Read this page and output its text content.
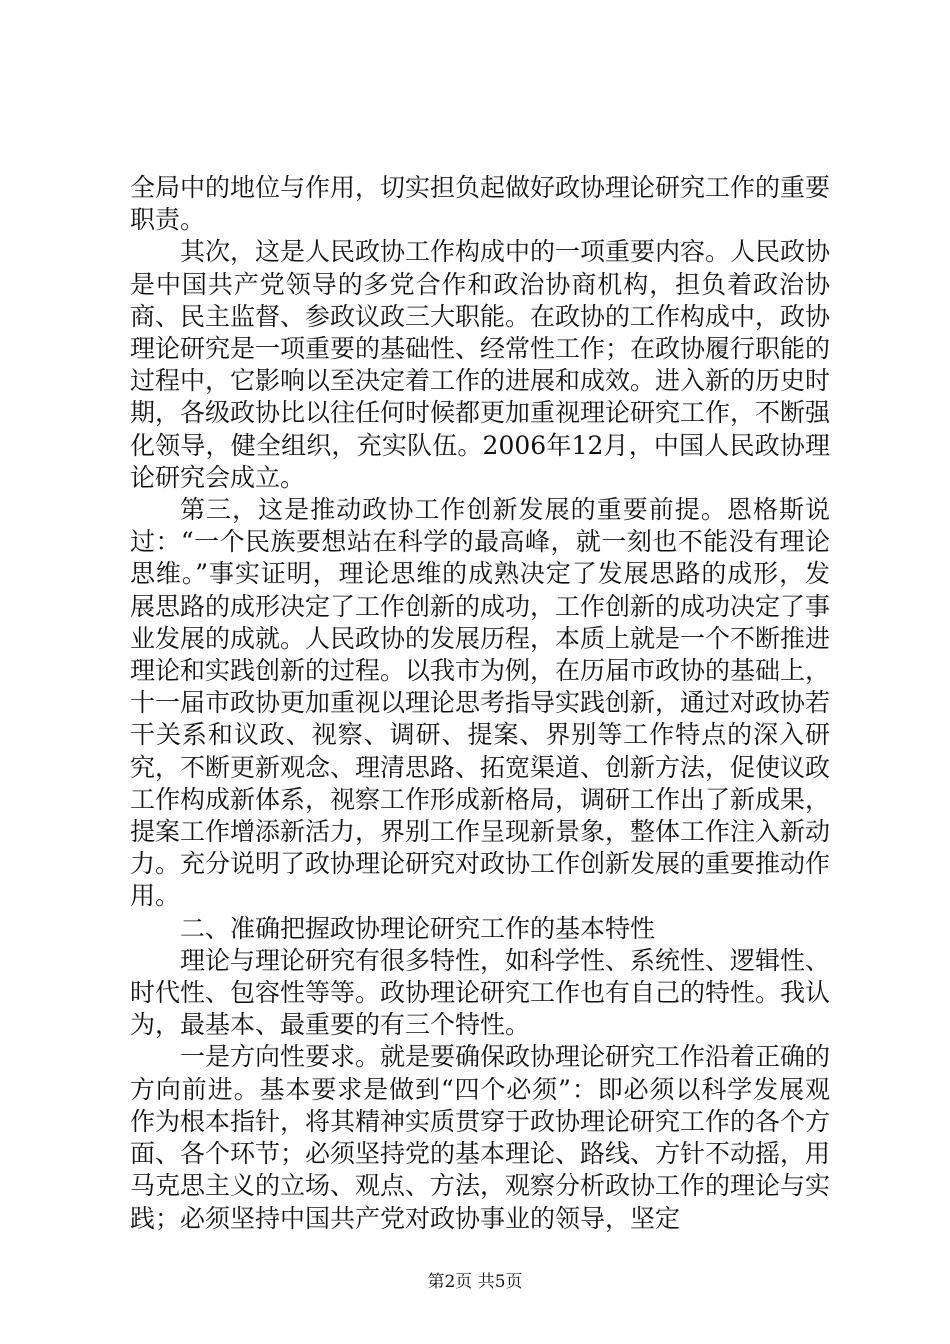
全局中的地位与作用，切实担负起做好政协理论研究工作的重要职责。

其次，这是人民政协工作构成中的一项重要内容。人民政协是中国共产党领导的多党合作和政治协商机构，担负着政治协商、民主监督、参政议政三大职能。在政协的工作构成中，政协理论研究是一项重要的基础性、经常性工作；在政协履行职能的过程中，它影响以至决定着工作的进展和成效。进入新的历史时期，各级政协比以往任何时候都更加重视理论研究工作，不断强化领导，健全组织，充实队伍。2006年12月，中国人民政协理论研究会成立。

第三，这是推动政协工作创新发展的重要前提。恩格斯说过：“一个民族要想站在科学的最高峰，就一刻也不能没有理论思维。”事实证明，理论思维的成熟决定了发展思路的成形，发展思路的成形决定了工作创新的成功，工作创新的成功决定了事业发展的成就。人民政协的发展历程，本质上就是一个不断推进理论和实践创新的过程。以我市为例，在历届市政协的基础上，十一届市政协更加重视以理论思考指导实践创新，通过对政协若干关系和议政、视察、调研、提案、界别等工作特点的深入研究，不断更新观念、理清思路、拓宽渠道、创新方法，促使议政工作构成新体系，视察工作形成新格局，调研工作出了新成果，提案工作增添新活力，界别工作呈现新景象，整体工作注入新动力。充分说明了政协理论研究对政协工作创新发展的重要推动作用。

二、准确把握政协理论研究工作的基本特性

理论与理论研究有很多特性，如科学性、系统性、逻辑性、时代性、包容性等等。政协理论研究工作也有自己的特性。我认为，最基本、最重要的有三个特性。

一是方向性要求。就是要确保政协理论研究工作沿着正确的方向前进。基本要求是做到“四个必须”：即必须以科学发展观作为根本指针，将其精神实质贯穿于政协理论研究工作的各个方面、各个环节；必须坚持党的基本理论、路线、方针不动摇，用马克思主义的立场、观点、方法，观察分析政协工作的理论与实践；必须坚持中国共产党对政协事业的领导，坚定

第2页 共5页
